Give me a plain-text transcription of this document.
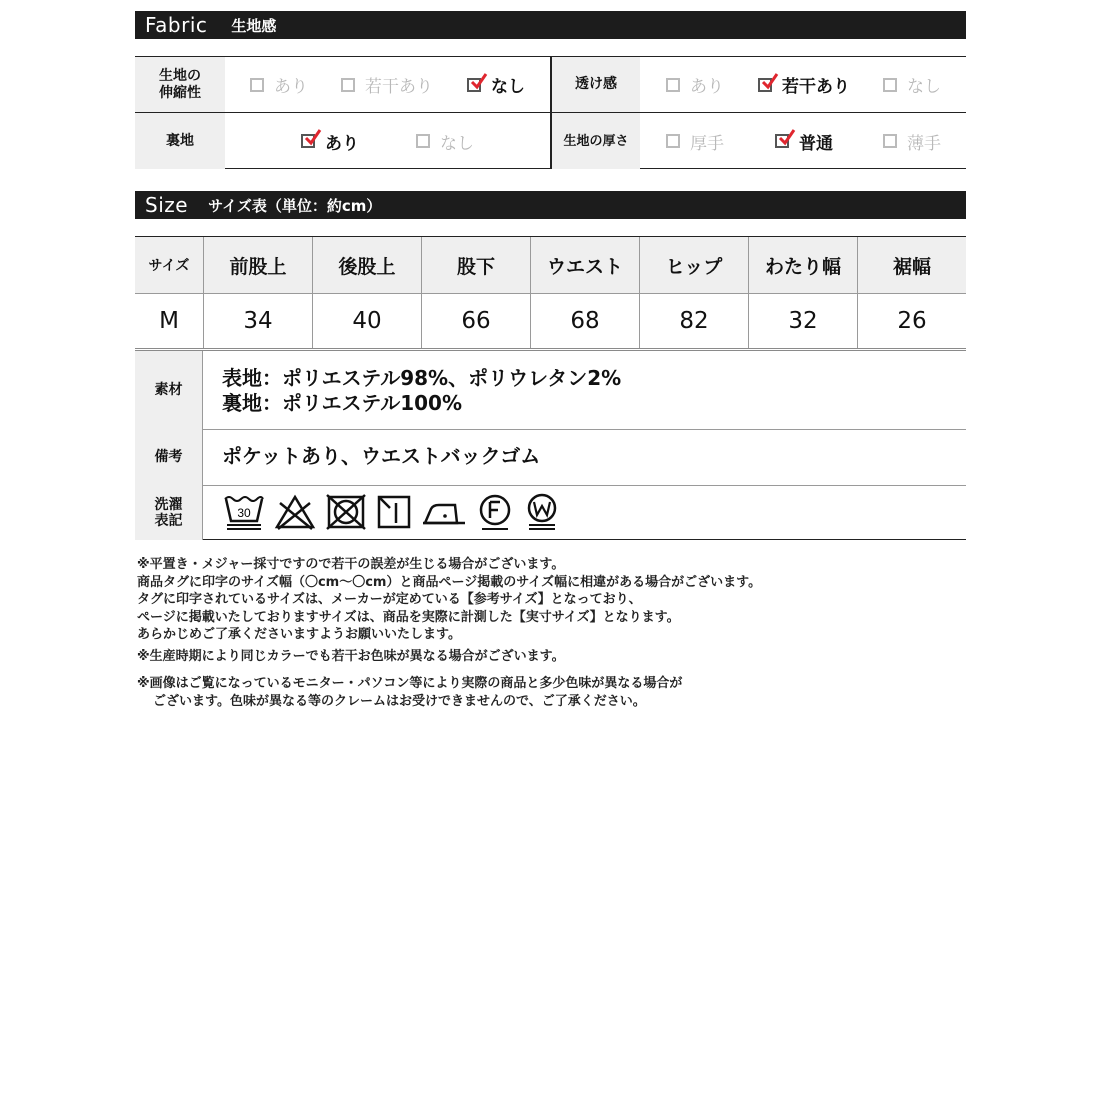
Fabric 生地感
生地の
伸縮性	あり	若干あり	なし	透け感	あり	若干あり	なし
裏地	あり	なし	生地の厚さ	厚手	普通	薄手
Size サイズ表（単位：約cm）
サイズ	前股上	後股上	股下	ウエスト	ヒップ	わたり幅	裾幅
M	34	40	66	68	82	32	26
素材	表地：ポリエステル98%、ポリウレタン2%
裏地：ポリエステル100%
備考	ポケットあり、ウエストバックゴム
洗濯
表記	30
※平置き・メジャー採寸ですので若干の誤差が生じる場合がございます。
商品タグに印字のサイズ幅（〇cm～〇cm）と商品ページ掲載のサイズ幅に相違がある場合がございます。
タグに印字されているサイズは、メーカーが定めている【参考サイズ】となっており、
ページに掲載いたしておりますサイズは、商品を実際に計測した【実寸サイズ】となります。
あらかじめご了承くださいますようお願いいたします。
※生産時期により同じカラーでも若干お色味が異なる場合がございます。
※画像はご覧になっているモニター・パソコン等により実際の商品と多少色味が異なる場合が
ございます。色味が異なる等のクレームはお受けできませんので、ご了承ください。
